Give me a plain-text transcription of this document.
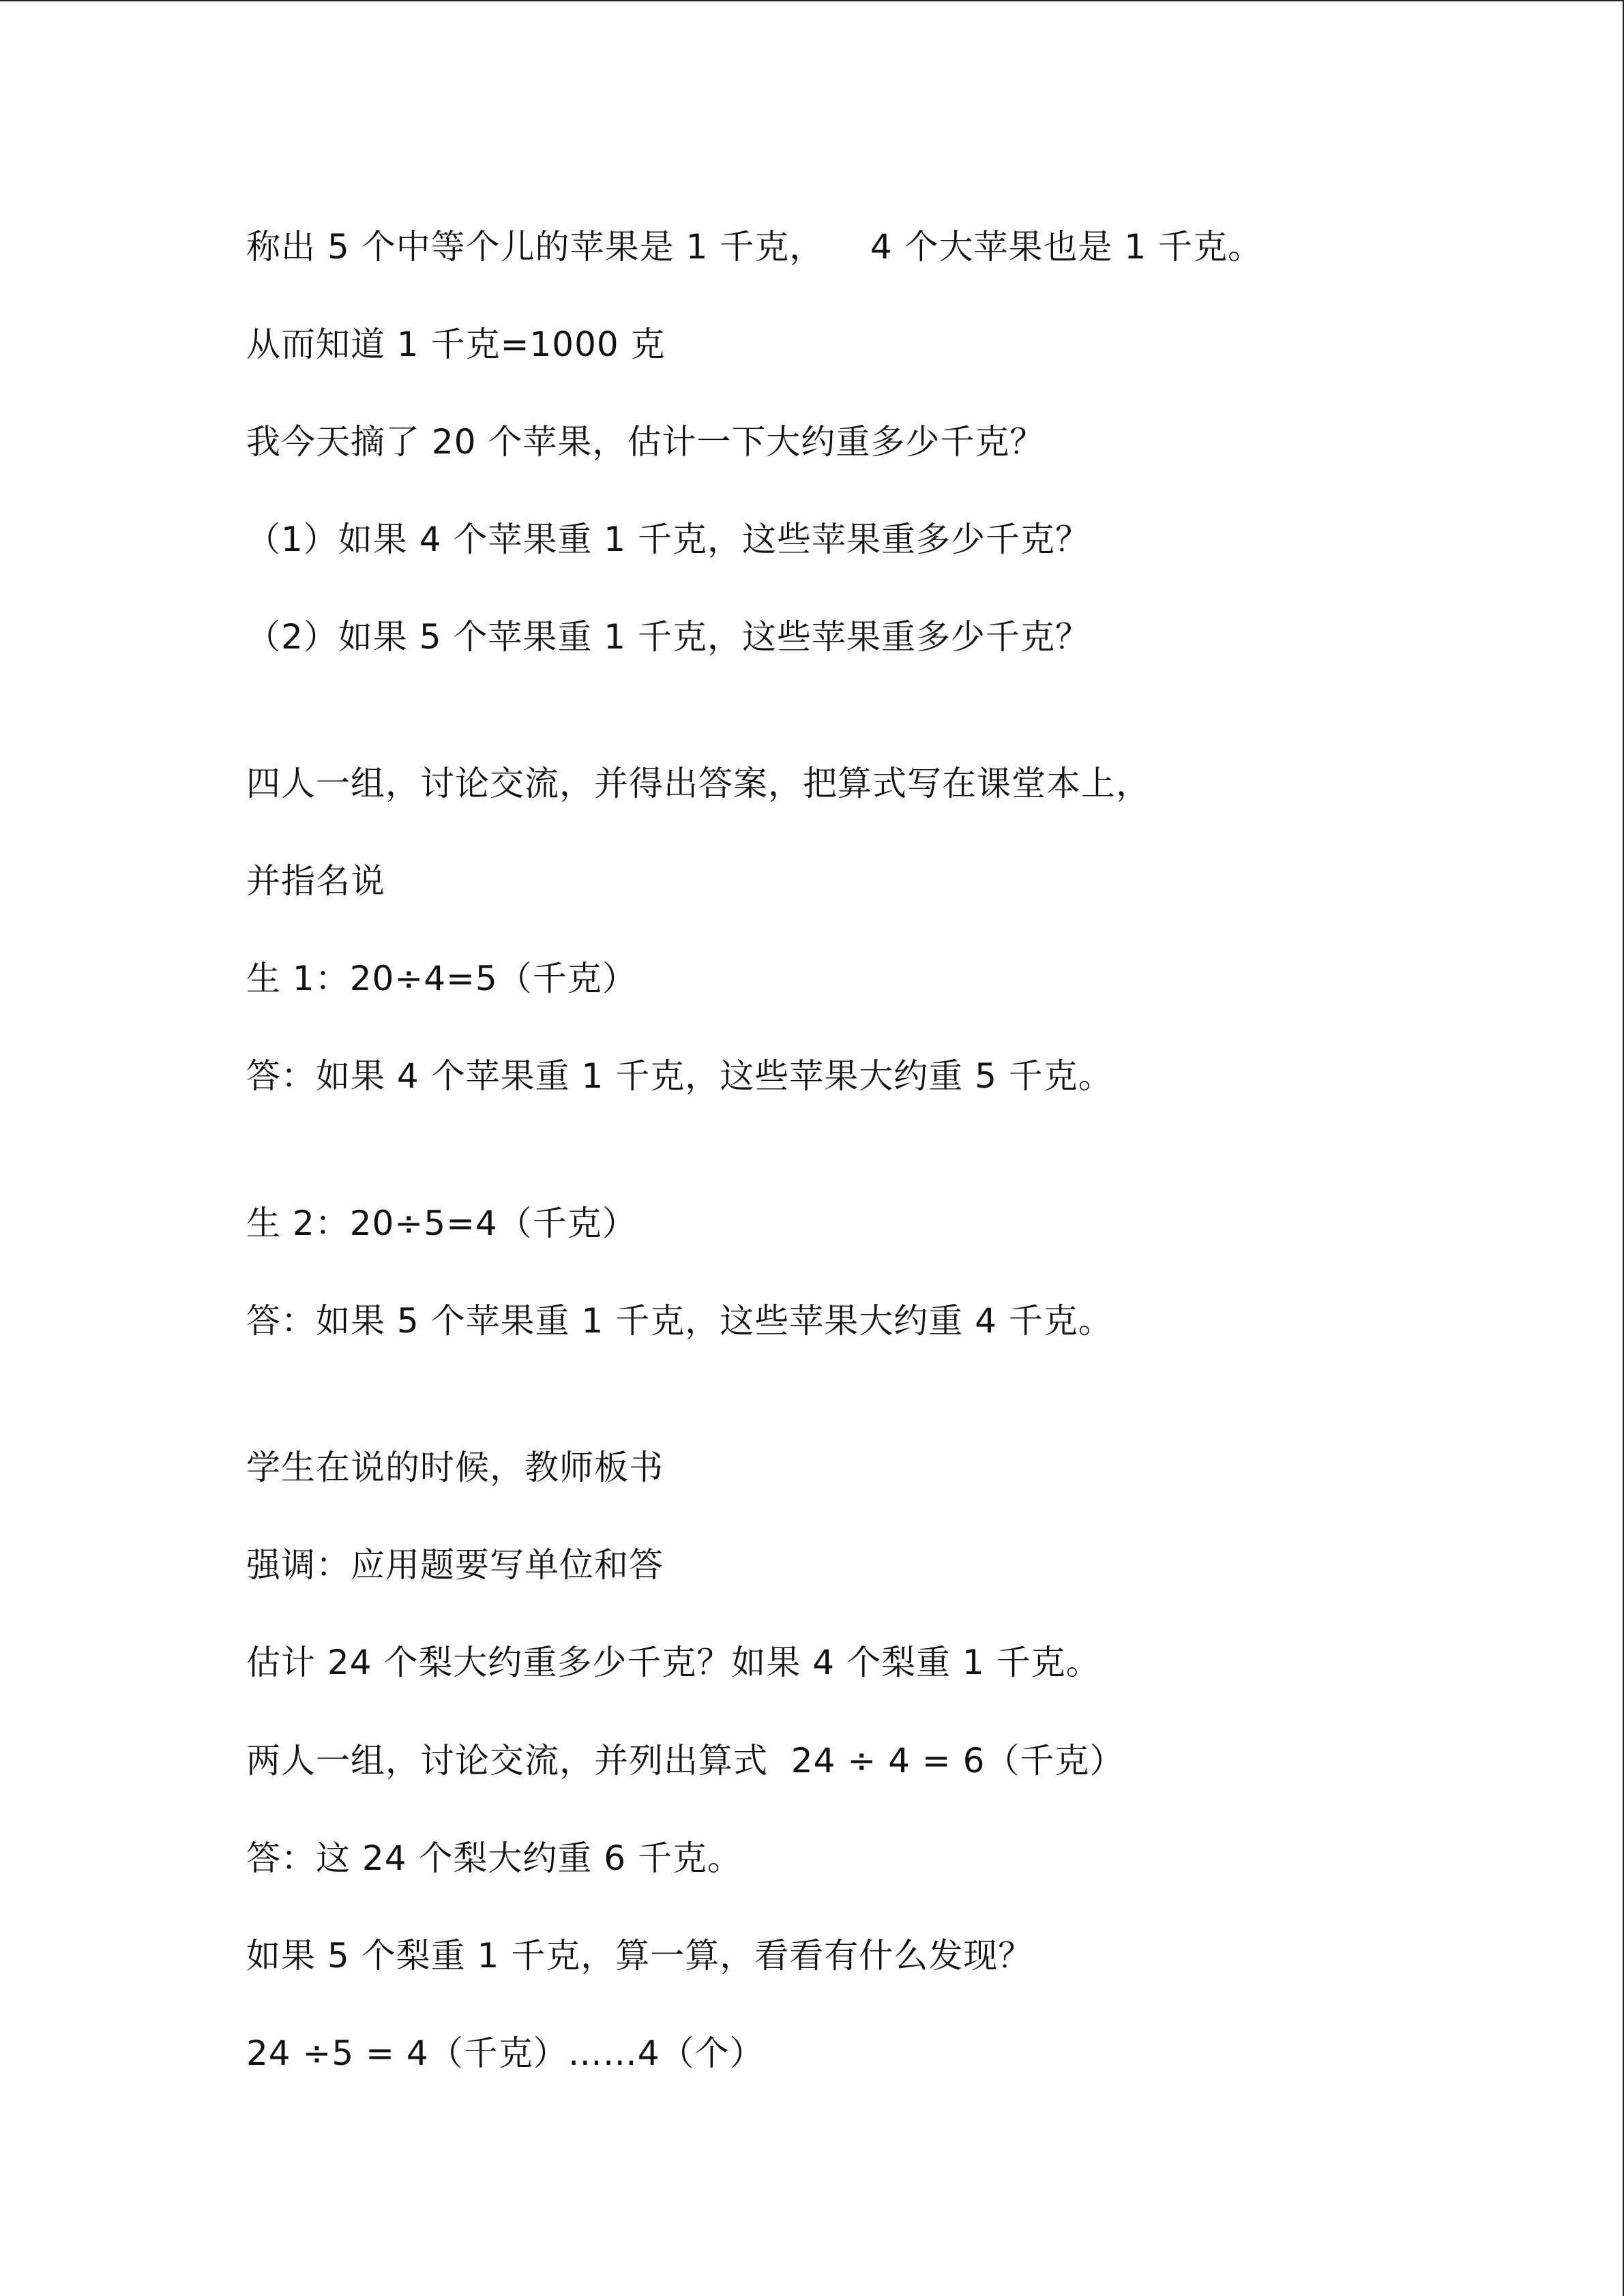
称出 5 个中等个儿的苹果是 1 千克，    4 个大苹果也是 1 千克。
从而知道 1 千克=1000 克
我今天摘了 20 个苹果，估计一下大约重多少千克？
（1）如果 4 个苹果重 1 千克，这些苹果重多少千克？
（2）如果 5 个苹果重 1 千克，这些苹果重多少千克？
四人一组，讨论交流，并得出答案，把算式写在课堂本上，
并指名说
生 1：20÷4=5（千克）
答：如果 4 个苹果重 1 千克，这些苹果大约重 5 千克。
生 2：20÷5=4（千克）
答：如果 5 个苹果重 1 千克，这些苹果大约重 4 千克。
学生在说的时候，教师板书
强调：应用题要写单位和答
估计 24 个梨大约重多少千克？如果 4 个梨重 1 千克。
两人一组，讨论交流，并列出算式  24 ÷ 4 = 6（千克）
答：这 24 个梨大约重 6 千克。
如果 5 个梨重 1 千克，算一算，看看有什么发现？
24 ÷5 = 4（千克）……4（个）
